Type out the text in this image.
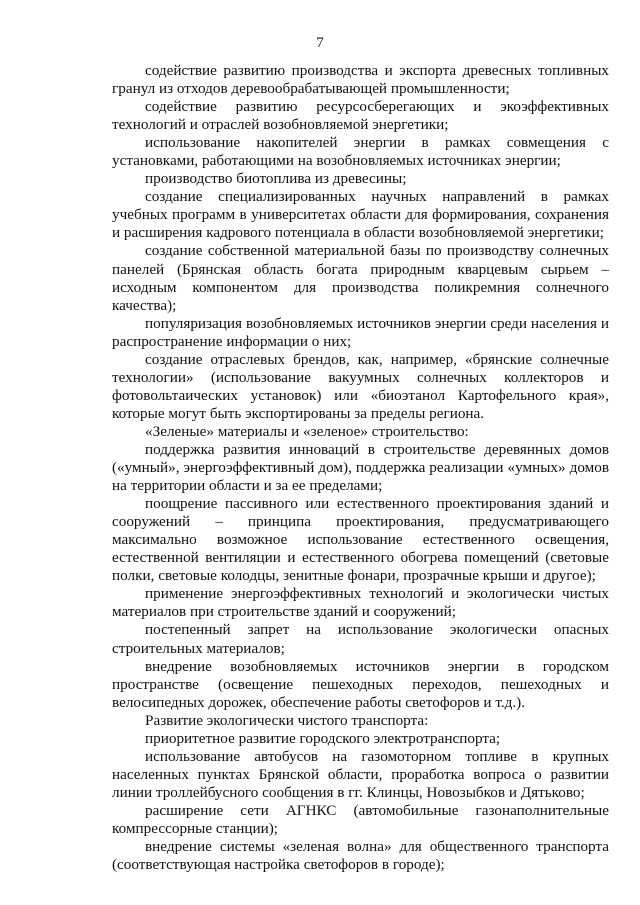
7

содействие развитию производства и экспорта древесных топливных гранул из отходов деревообрабатывающей промышленности;

содействие развитию ресурсосберегающих и экоэффективных технологий и отраслей возобновляемой энергетики;

использование накопителей энергии в рамках совмещения с установками, работающими на возобновляемых источниках энергии;

производство биотоплива из древесины;

создание специализированных научных направлений в рамках учебных программ в университетах области для формирования, сохранения и расширения кадрового потенциала в области возобновляемой энергетики;

создание собственной материальной базы по производству солнечных панелей (Брянская область богата природным кварцевым сырьем – исходным компонентом для производства поликремния солнечного качества);

популяризация возобновляемых источников энергии среди населения и распространение информации о них;

создание отраслевых брендов, как, например, «брянские солнечные технологии» (использование вакуумных солнечных коллекторов и фотовольтаических установок) или «биоэтанол Картофельного края», которые могут быть экспортированы за пределы региона.

«Зеленые» материалы и «зеленое» строительство:

поддержка развития инноваций в строительстве деревянных домов («умный», энергоэффективный дом), поддержка реализации «умных» домов на территории области и за ее пределами;

поощрение пассивного или естественного проектирования зданий и сооружений – принципа проектирования, предусматривающего максимально возможное использование естественного освещения, естественной вентиляции и естественного обогрева помещений (световые полки, световые колодцы, зенитные фонари, прозрачные крыши и другое);

применение энергоэффективных технологий и экологически чистых материалов при строительстве зданий и сооружений;

постепенный запрет на использование экологически опасных строительных материалов;

внедрение возобновляемых источников энергии в городском пространстве (освещение пешеходных переходов, пешеходных и велосипедных дорожек, обеспечение работы светофоров и т.д.).

Развитие экологически чистого транспорта:

приоритетное развитие городского электротранспорта;

использование автобусов на газомоторном топливе в крупных населенных пунктах Брянской области, проработка вопроса о развитии линии троллейбусного сообщения в гг. Клинцы, Новозыбков и Дятьково;

расширение сети АГНКС (автомобильные газонаполнительные компрессорные станции);

внедрение системы «зеленая волна» для общественного транспорта (соответствующая настройка светофоров в городе);
